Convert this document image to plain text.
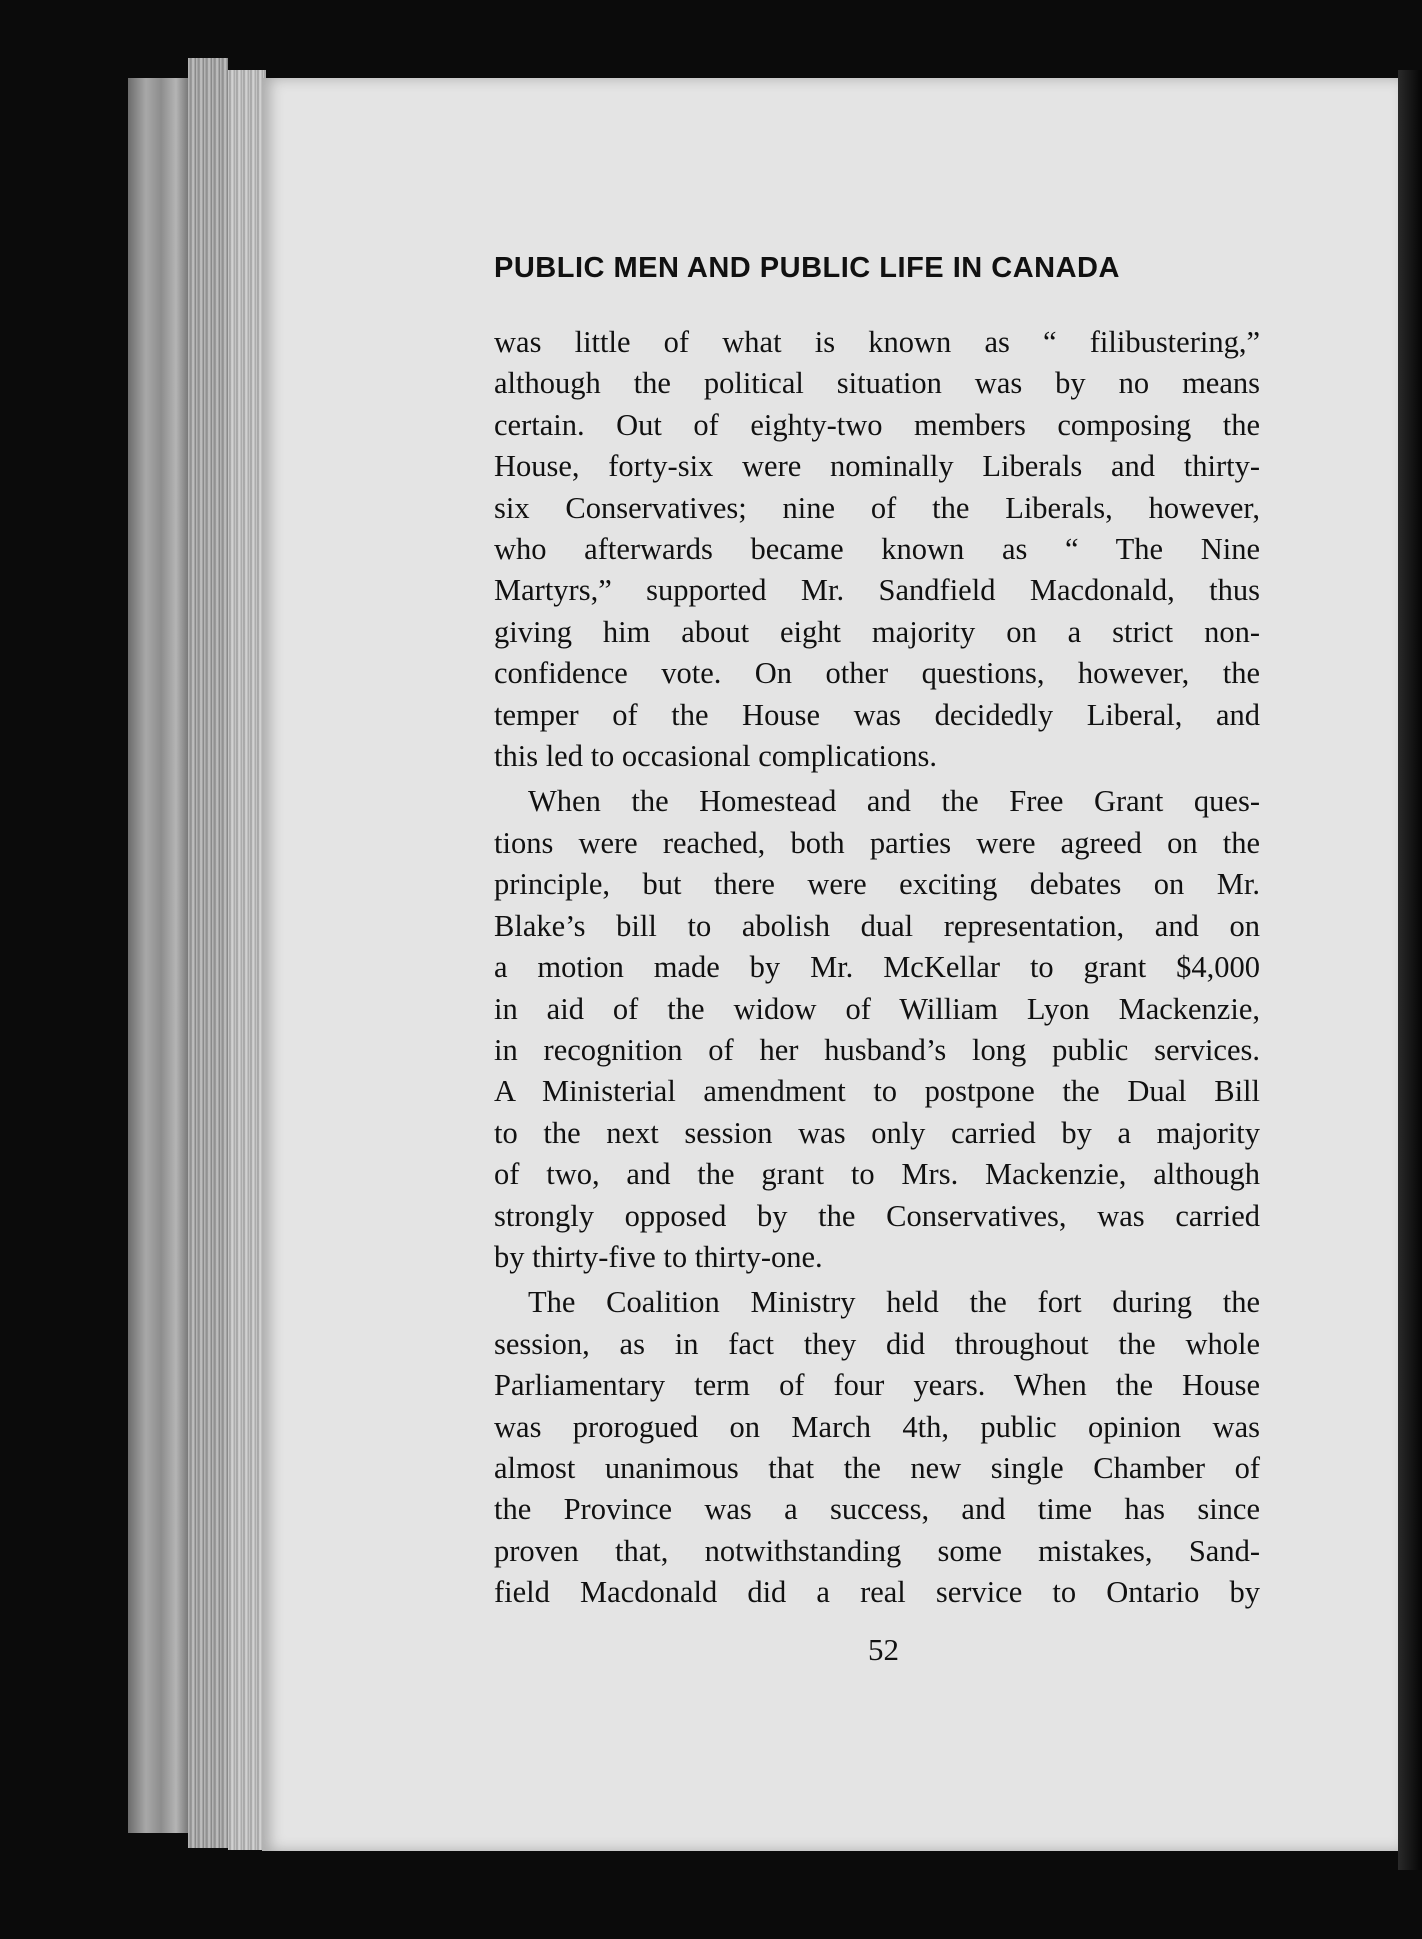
PUBLIC MEN AND PUBLIC LIFE IN CANADA
was little of what is known as “ filibustering,”
although the political situation was by no means
certain. Out of eighty-two members composing the
House, forty-six were nominally Liberals and thirty-
six Conservatives; nine of the Liberals, however,
who afterwards became known as “ The Nine
Martyrs,” supported Mr. Sandfield Macdonald, thus
giving him about eight majority on a strict non-
confidence vote. On other questions, however, the
temper of the House was decidedly Liberal, and
this led to occasional complications.
When the Homestead and the Free Grant ques-
tions were reached, both parties were agreed on the
principle, but there were exciting debates on Mr.
Blake’s bill to abolish dual representation, and on
a motion made by Mr. McKellar to grant $4,000
in aid of the widow of William Lyon Mackenzie,
in recognition of her husband’s long public services.
A Ministerial amendment to postpone the Dual Bill
to the next session was only carried by a majority
of two, and the grant to Mrs. Mackenzie, although
strongly opposed by the Conservatives, was carried
by thirty-five to thirty-one.
The Coalition Ministry held the fort during the
session, as in fact they did throughout the whole
Parliamentary term of four years. When the House
was prorogued on March 4th, public opinion was
almost unanimous that the new single Chamber of
the Province was a success, and time has since
proven that, notwithstanding some mistakes, Sand-
field Macdonald did a real service to Ontario by
52
